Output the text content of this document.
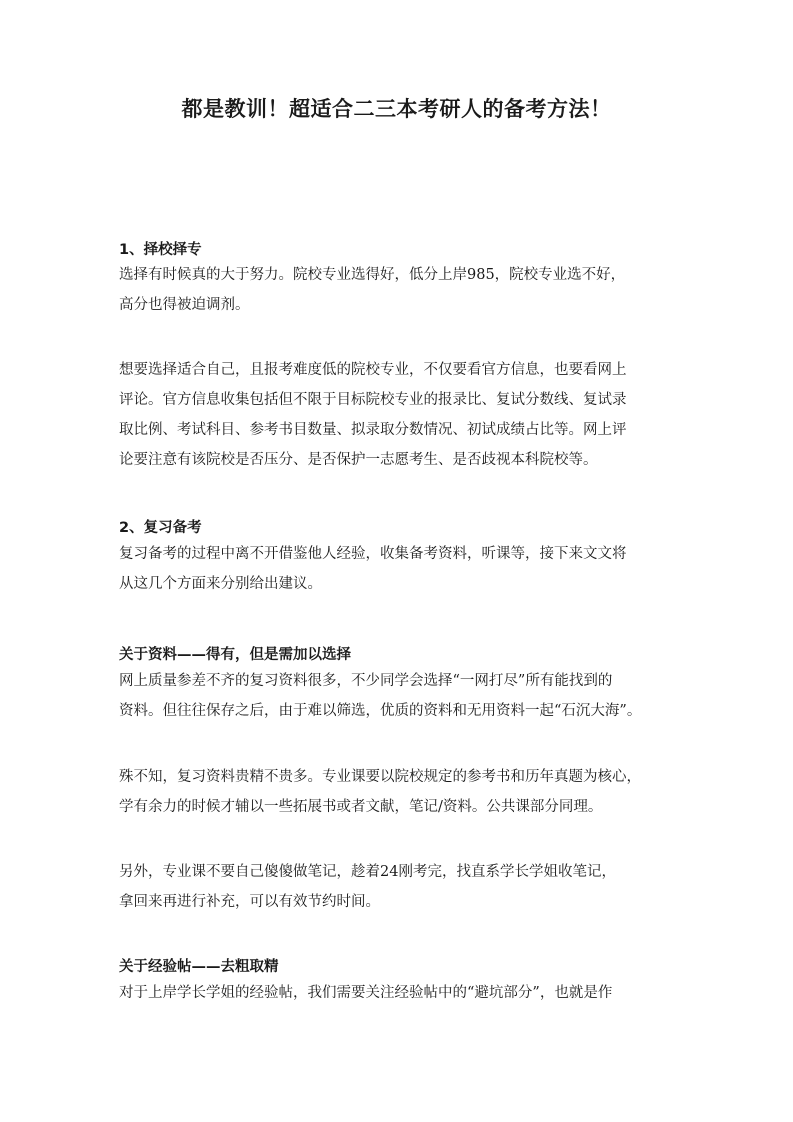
都是教训！超适合二三本考研人的备考方法！
1、择校择专
选择有时候真的大于努力。院校专业选得好，低分上岸985，院校专业选不好，
高分也得被迫调剂。
想要选择适合自己，且报考难度低的院校专业，不仅要看官方信息，也要看网上
评论。官方信息收集包括但不限于目标院校专业的报录比、复试分数线、复试录
取比例、考试科目、参考书目数量、拟录取分数情况、初试成绩占比等。网上评
论要注意有该院校是否压分、是否保护一志愿考生、是否歧视本科院校等。
2、复习备考
复习备考的过程中离不开借鉴他人经验，收集备考资料，听课等，接下来文文将
从这几个方面来分别给出建议。
关于资料——得有，但是需加以选择
网上质量参差不齐的复习资料很多，不少同学会选择“一网打尽”所有能找到的
资料。但往往保存之后，由于难以筛选，优质的资料和无用资料一起“石沉大海”。
殊不知，复习资料贵精不贵多。专业课要以院校规定的参考书和历年真题为核心，
学有余力的时候才辅以一些拓展书或者文献，笔记/资料。公共课部分同理。
另外，专业课不要自己傻傻做笔记，趁着24刚考完，找直系学长学姐收笔记，
拿回来再进行补充，可以有效节约时间。
关于经验帖——去粗取精
对于上岸学长学姐的经验帖，我们需要关注经验帖中的“避坑部分”，也就是作
